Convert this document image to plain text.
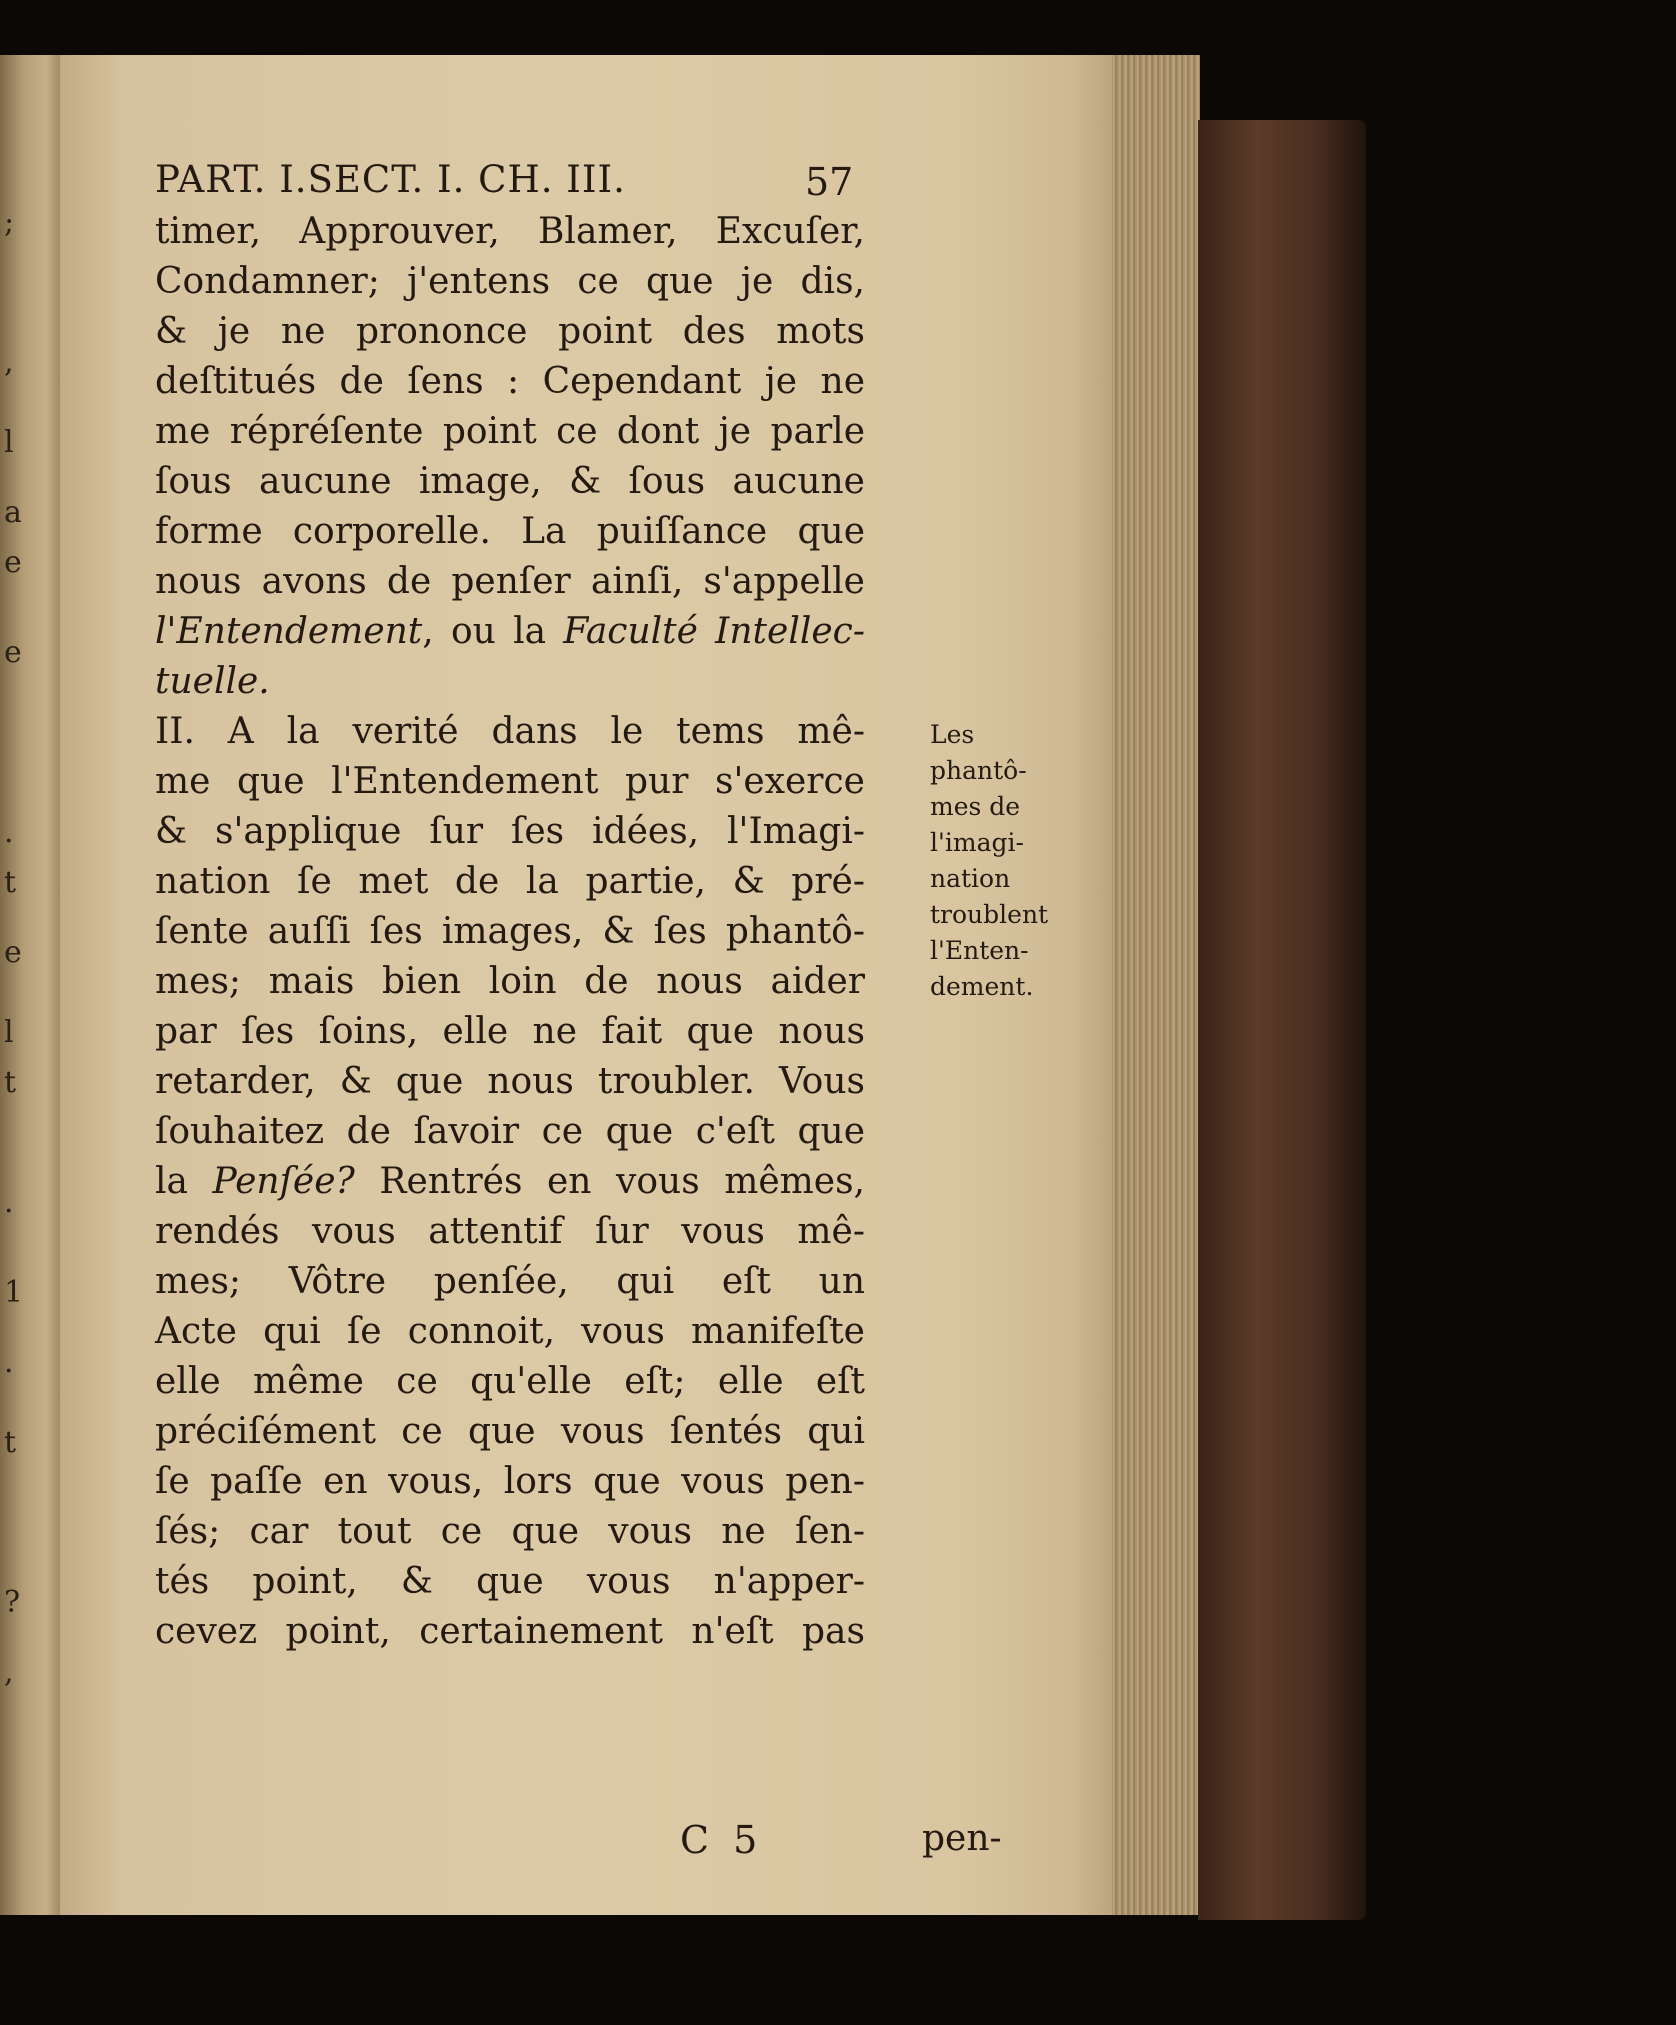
;
,
l
a
e
e
.
t
e
l
t
.
1
.
t
?
,
PART. I.SECT. I. CH. III.	57
timer, Approuver, Blamer, Excuſer,
Condamner; j'entens ce que je dis,
& je ne prononce point des mots
deſtitués de ſens : Cependant je ne
me répréſente point ce dont je parle
ſous aucune image, & ſous aucune
forme corporelle. La puiſſance que
nous avons de penſer ainſi, s'appelle
l'Entendement, ou la Faculté Intellec-
tuelle.
II. A la verité dans le tems mê-
me que l'Entendement pur s'exerce
& s'applique ſur ſes idées, l'Imagi-
nation ſe met de la partie, & pré-
ſente auſſi ſes images, & ſes phantô-
mes; mais bien loin de nous aider
par ſes ſoins, elle ne fait que nous
retarder, & que nous troubler. Vous
ſouhaitez de ſavoir ce que c'eſt que
la Penſée? Rentrés en vous mêmes,
rendés vous attentif ſur vous mê-
mes; Vôtre penſée, qui eſt un
Acte qui ſe connoit, vous manifeſte
elle même ce qu'elle eſt; elle eſt
préciſément ce que vous ſentés qui
ſe paſſe en vous, lors que vous pen-
ſés; car tout ce que vous ne ſen-
tés point, & que vous n'apper-
cevez point, certainement n'eſt pas
Les
phantô-
mes de
l'imagi-
nation
troublent
l'Enten-
dement.
C 5	pen-
